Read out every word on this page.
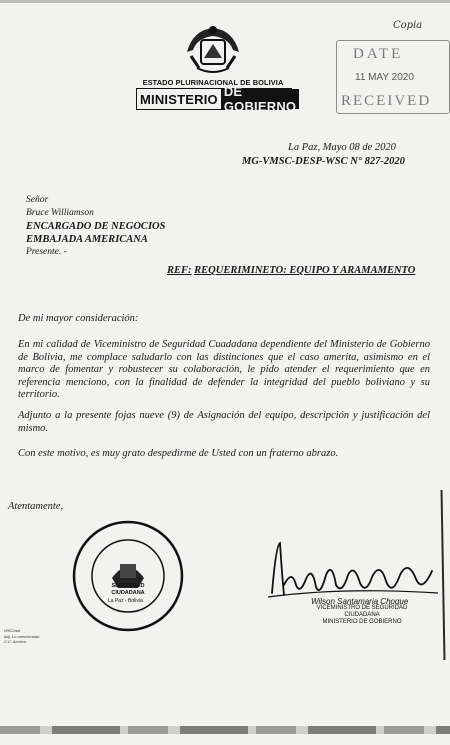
ESTADO PLURINACIONAL DE BOLIVIA
MINISTERIO DE GOBIERNO
Copia
DATE
11 MAY 2020
RECEIVED
La Paz, Mayo 08 de 2020
MG-VMSC-DESP-WSC N° 827-2020
Señor
Bruce Williamson
ENCARGADO DE NEGOCIOS
EMBAJADA AMERICANA
Presente. -
REF: REQUERIMINETO: EQUIPO Y ARAMAMENTO
De mi mayor consideración:
En mi calidad de Viceministro de Seguridad Cuadadana dependiente del Ministerio de Gobierno de Bolivia, me complace saludarlo con las distinciones que el caso amerita, asimismo en el marco de fomentar y robustecer su colaboración, le pido atender el requerimiento que en referencia menciono, con la finalidad de defender la integridad del pueblo boliviano y su territorio.
Adjunto a la presente fojas nueve (9) de Asignación del equipo, descripción y justificación del mismo.
Con este motivo, es muy grato despedirme de Usted con un fraterno abrazo.
Atentamente,
SEGURIDAD CIUDADANA
La Paz - Bolivia
WSC/aat
Adj. Lo mencionado
C.C. Archivo
Wilson Santamaria Choque
VICEMINISTRO DE SEGURIDAD
CIUDADANA
MINISTERIO DE GOBIERNO
